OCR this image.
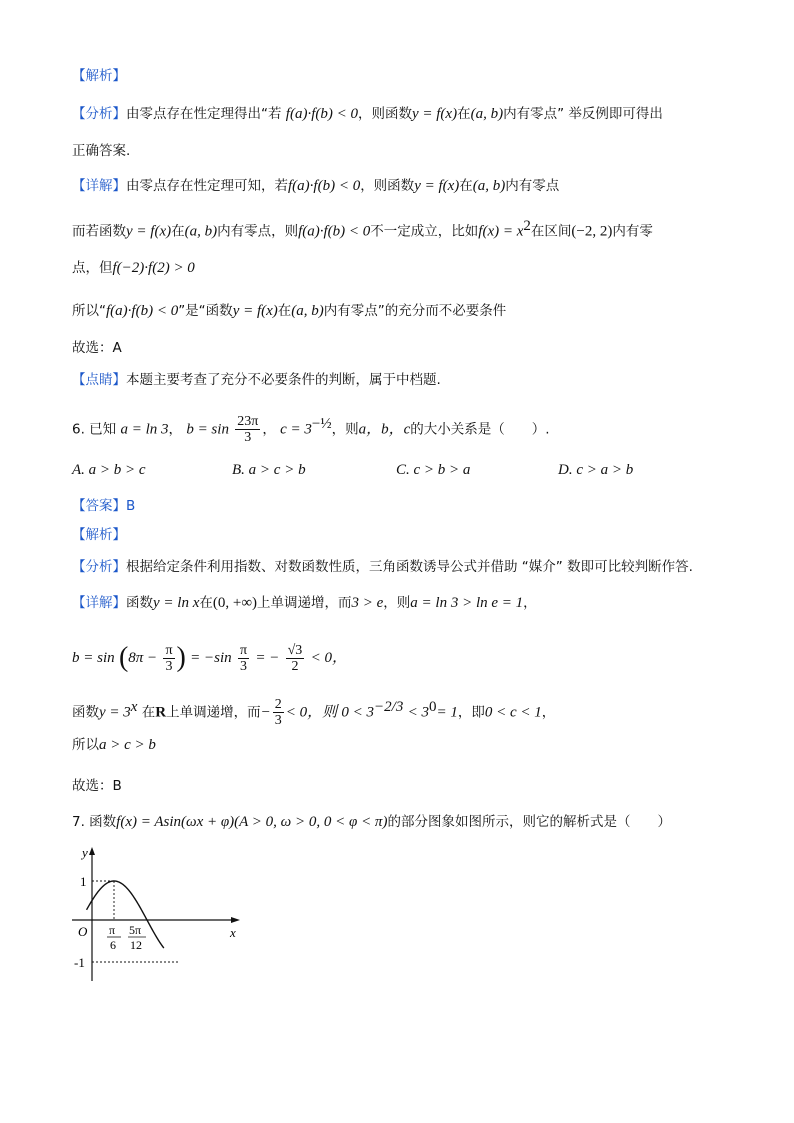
【解析】
【分析】由零点存在性定理得出“若 f(a)·f(b) < 0，则函数y = f(x)在(a, b)内有零点” 举反例即可得出
正确答案.
【详解】由零点存在性定理可知，若f(a)·f(b) < 0，则函数y = f(x)在(a, b)内有零点
而若函数y = f(x)在(a, b)内有零点，则f(a)·f(b) < 0不一定成立，比如$f(x) = x^2$在区间(−2, 2)内有零
点，但f(−2)·f(2) > 0
所以“f(a)·f(b) < 0”是“函数y = f(x)在(a, b)内有零点”的充分而不必要条件
故选：A
【点睛】本题主要考查了充分不必要条件的判断，属于中档题.
6. 已知 a = ln 3， $b = \sin \frac{23\pi}{3}$ ， $c = 3^{-\frac{1}{2}}$，则a，b，c的大小关系是（　　）.
A. a > b > c	B. a > c > b	C. c > b > a	D. c > a > b
【答案】B
【解析】
【分析】根据给定条件利用指数、对数函数性质，三角函数诱导公式并借助 “媒介” 数即可比较判断作答.
【详解】函数y = ln x在(0, +∞)上单调递增，而3 > e，则a = ln 3 > ln e = 1，
$b = \sin (8\pi - \frac{\pi}{3}$ ) = $-\sin \frac{\pi}{3}$ = − $\frac{√3}{2} < 0$，
函数$y = 3^x$ 在R上单调递增，而− $\frac{2}{3} < 0$，则 $0 < 3^{-2/3} < 3^0= 1$，即0 < c < 1，
所以a > c > b
故选：B
7. 函数f(x) = Asin(ωx + φ)(A > 0, ω > 0, 0 < φ < π)的部分图象如图所示，则它的解析式是（　　）
y
x
O
1
-1
π
6
5π
12
